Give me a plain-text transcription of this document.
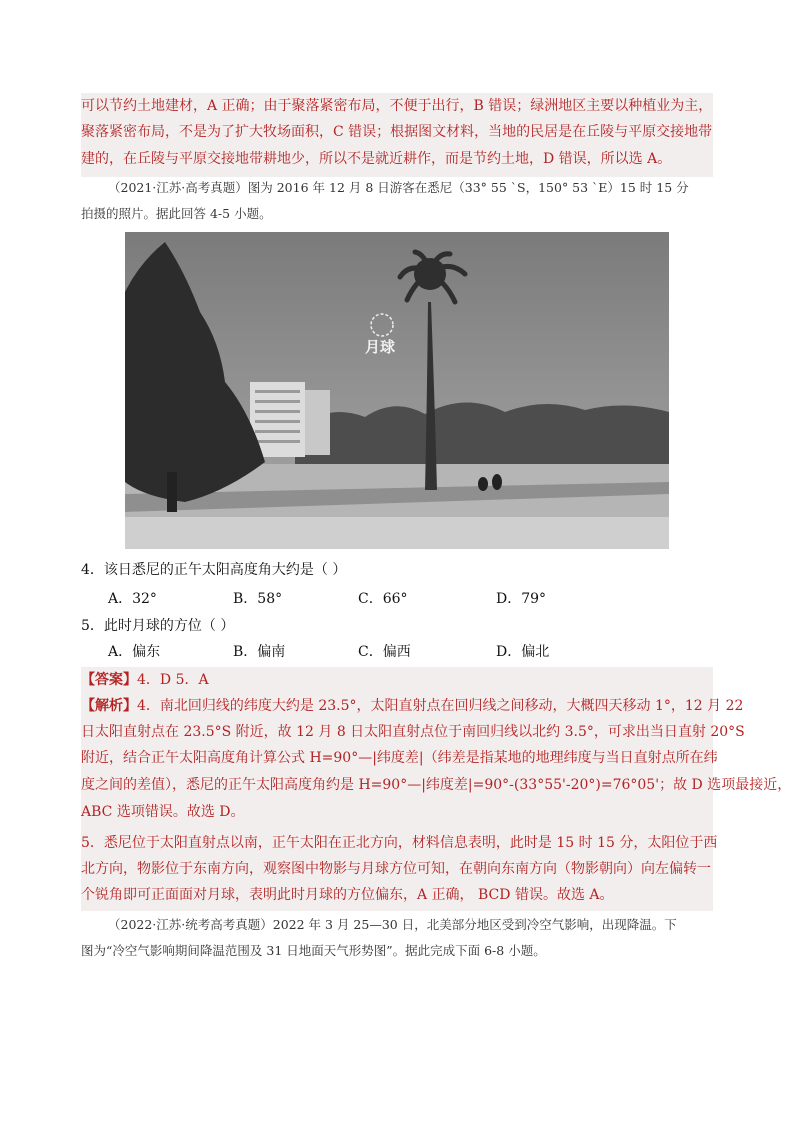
可以节约土地建材，A 正确；由于聚落紧密布局，不便于出行，B 错误；绿洲地区主要以种植业为主，
聚落紧密布局，不是为了扩大牧场面积，C 错误；根据图文材料，当地的民居是在丘陵与平原交接地带
建的，在丘陵与平原交接地带耕地少，所以不是就近耕作，而是节约土地，D 错误，所以选 A。
（2021·江苏·高考真题）图为 2016 年 12 月 8 日游客在悉尼（33° 55 `S，150° 53 `E）15 时 15 分
拍摄的照片。据此回答 4-5 小题。
月球
4．该日悉尼的正午太阳高度角大约是（ ）
A．32°	B．58°	C．66°	D．79°
5．此时月球的方位（ ）
A．偏东	B．偏南	C．偏西	D．偏北
【答案】4．D 5．A
【解析】4．南北回归线的纬度大约是 23.5°，太阳直射点在回归线之间移动，大概四天移动 1°，12 月 22
日太阳直射点在 23.5°S 附近，故 12 月 8 日太阳直射点位于南回归线以北约 3.5°，可求出当日直射 20°S
附近，结合正午太阳高度角计算公式 H=90°—|纬度差|（纬差是指某地的地理纬度与当日直射点所在纬
度之间的差值），悉尼的正午太阳高度角约是 H=90°—|纬度差|=90°-(33°55'-20°)=76°05'；故 D 选项最接近，
ABC 选项错误。故选 D。
5．悉尼位于太阳直射点以南，正午太阳在正北方向，材料信息表明，此时是 15 时 15 分，太阳位于西
北方向，物影位于东南方向，观察图中物影与月球方位可知，在朝向东南方向（物影朝向）向左偏转一
个锐角即可正面面对月球，表明此时月球的方位偏东，A 正确， BCD 错误。故选 A。
（2022·江苏·统考高考真题）2022 年 3 月 25—30 日，北美部分地区受到冷空气影响，出现降温。下
图为“冷空气影响期间降温范围及 31 日地面天气形势图”。据此完成下面 6-8 小题。
